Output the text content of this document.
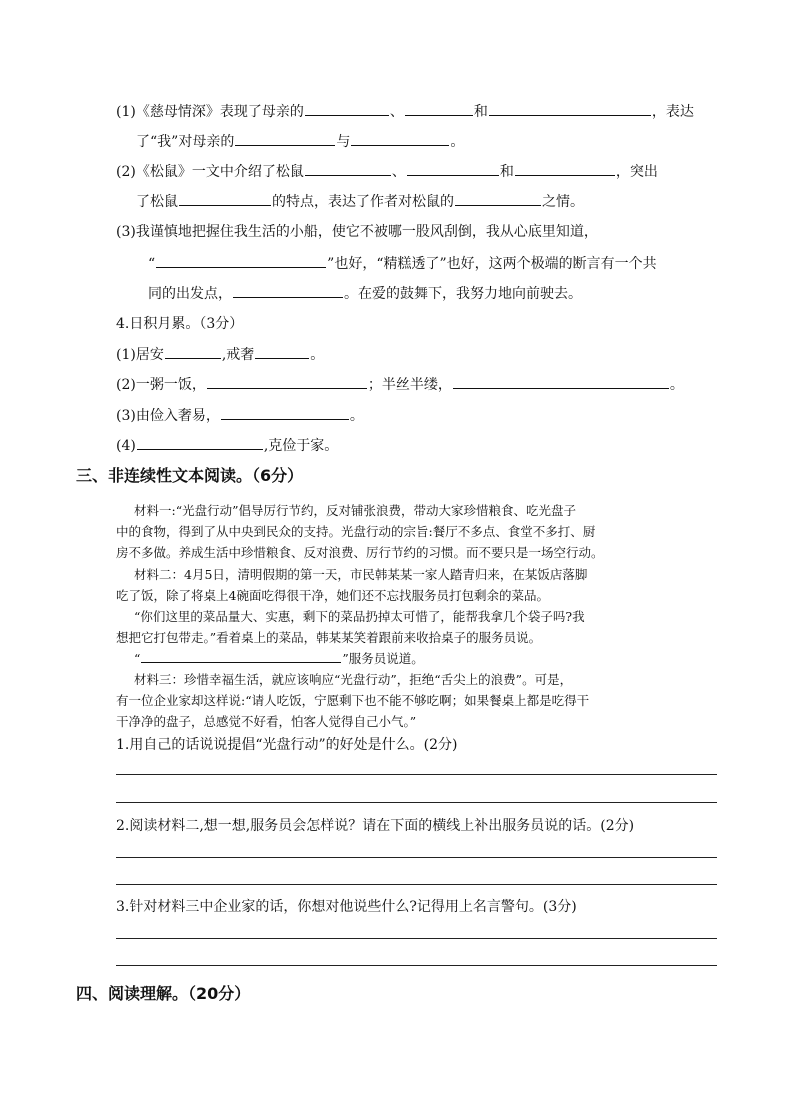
(1)《慈母情深》表现了母亲的	、	和	，表达
了“我”对母亲的	与	。
(2)《松鼠》一文中介绍了松鼠	、	和	，突出
了松鼠	的特点，表达了作者对松鼠的	之情。
(3)我谨慎地把握住我生活的小船，使它不被哪一股风刮倒，我从心底里知道，
“	”也好，“精糕透了”也好，这两个极端的断言有一个共
同的出发点，	。在爱的鼓舞下，我努力地向前驶去。
4.日积月累。（3分）
(1)居安	,戒奢	。
(2)一粥一饭，	；半丝半缕，	。
(3)由俭入奢易，	。
(4)	,克俭于家。
三、非连续性文本阅读。（6分）
材料一:“光盘行动”倡导厉行节约，反对铺张浪费，带动大家珍惜粮食、吃光盘子
中的食物，得到了从中央到民众的支持。光盘行动的宗旨:餐厅不多点、食堂不多打、厨
房不多做。养成生活中珍惜粮食、反对浪费、厉行节约的习惯。而不要只是一场空行动。
材料二：4月5日，清明假期的第一天，市民韩某某一家人踏青归来，在某饭店落脚
吃了饭，除了将桌上4碗面吃得很干净，她们还不忘找服务员打包剩余的菜品。
“你们这里的菜品量大、实惠，剩下的菜品扔掉太可惜了，能帮我拿几个袋子吗?我
想把它打包带走。”看着桌上的菜品，韩某某笑着跟前来收拾桌子的服务员说。
“	”服务员说道。
材料三：珍惜幸福生活，就应该响应“光盘行动”，拒绝“舌尖上的浪费”。可是，
有一位企业家却这样说:“请人吃饭，宁愿剩下也不能不够吃啊；如果餐桌上都是吃得干
干净净的盘子，总感觉不好看，怕客人觉得自己小气。”
1.用自己的话说说提倡“光盘行动”的好处是什么。(2分)
2.阅读材料二,想一想,服务员会怎样说？请在下面的横线上补出服务员说的话。(2分)
3.针对材料三中企业家的话，你想对他说些什么?记得用上名言警句。(3分)
四、阅读理解。（20分）
